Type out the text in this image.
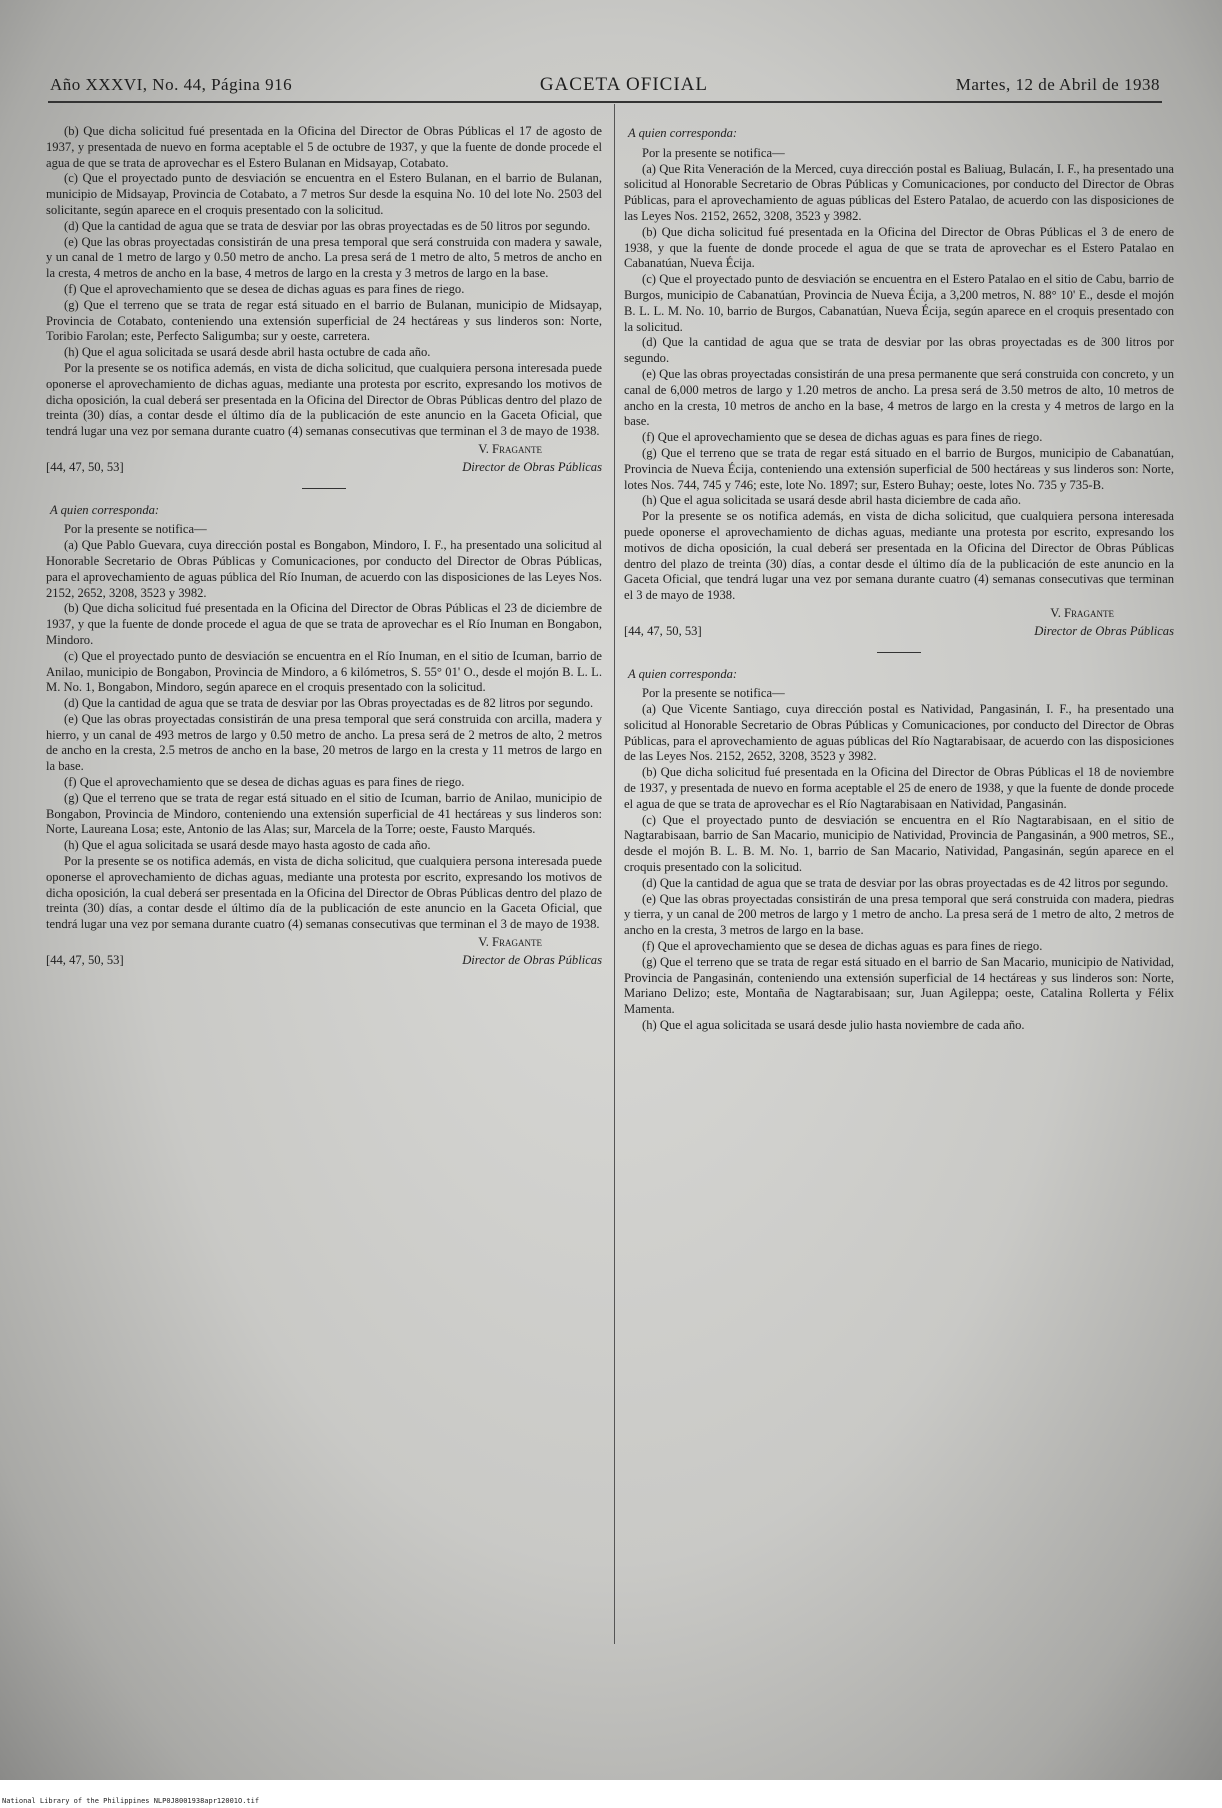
Año XXXVI, No. 44, Página 916	GACETA OFICIAL	Martes, 12 de Abril de 1938

(b) Que dicha solicitud fué presentada en la Oficina del Director de Obras Públicas el 17 de agosto de 1937, y presentada de nuevo en forma aceptable el 5 de octubre de 1937, y que la fuente de donde procede el agua de que se trata de aprovechar es el Estero Bulanan en Midsayap, Cotabato.

(c) Que el proyectado punto de desviación se encuentra en el Estero Bulanan, en el barrio de Bulanan, municipio de Midsayap, Provincia de Cotabato, a 7 metros Sur desde la esquina No. 10 del lote No. 2503 del solicitante, según aparece en el croquis presentado con la solicitud.

(d) Que la cantidad de agua que se trata de desviar por las obras proyectadas es de 50 litros por segundo.

(e) Que las obras proyectadas consistirán de una presa temporal que será construida con madera y sawale, y un canal de 1 metro de largo y 0.50 metro de ancho. La presa será de 1 metro de alto, 5 metros de ancho en la cresta, 4 metros de ancho en la base, 4 metros de largo en la cresta y 3 metros de largo en la base.

(f) Que el aprovechamiento que se desea de dichas aguas es para fines de riego.

(g) Que el terreno que se trata de regar está situado en el barrio de Bulanan, municipio de Midsayap, Provincia de Cotabato, conteniendo una extensión superficial de 24 hectáreas y sus linderos son: Norte, Toribio Farolan; este, Perfecto Saligumba; sur y oeste, carretera.

(h) Que el agua solicitada se usará desde abril hasta octubre de cada año.

Por la presente se os notifica además, en vista de dicha solicitud, que cualquiera persona interesada puede oponerse el aprovechamiento de dichas aguas, mediante una protesta por escrito, expresando los motivos de dicha oposición, la cual deberá ser presentada en la Oficina del Director de Obras Públicas dentro del plazo de treinta (30) días, a contar desde el último día de la publicación de este anuncio en la Gaceta Oficial, que tendrá lugar una vez por semana durante cuatro (4) semanas consecutivas que terminan el 3 de mayo de 1938.

V. Fragante
[44, 47, 50, 53]	Director de Obras Públicas
A quien corresponda:

Por la presente se notifica—

(a) Que Pablo Guevara, cuya dirección postal es Bongabon, Mindoro, I. F., ha presentado una solicitud al Honorable Secretario de Obras Públicas y Comunicaciones, por conducto del Director de Obras Públicas, para el aprovechamiento de aguas pública del Río Inuman, de acuerdo con las disposiciones de las Leyes Nos. 2152, 2652, 3208, 3523 y 3982.

(b) Que dicha solicitud fué presentada en la Oficina del Director de Obras Públicas el 23 de diciembre de 1937, y que la fuente de donde procede el agua de que se trata de aprovechar es el Río Inuman en Bongabon, Mindoro.

(c) Que el proyectado punto de desviación se encuentra en el Río Inuman, en el sitio de Icuman, barrio de Anilao, municipio de Bongabon, Provincia de Mindoro, a 6 kilómetros, S. 55° 01' O., desde el mojón B. L. L. M. No. 1, Bongabon, Mindoro, según aparece en el croquis presentado con la solicitud.

(d) Que la cantidad de agua que se trata de desviar por las Obras proyectadas es de 82 litros por segundo.

(e) Que las obras proyectadas consistirán de una presa temporal que será construida con arcilla, madera y hierro, y un canal de 493 metros de largo y 0.50 metro de ancho. La presa será de 2 metros de alto, 2 metros de ancho en la cresta, 2.5 metros de ancho en la base, 20 metros de largo en la cresta y 11 metros de largo en la base.

(f) Que el aprovechamiento que se desea de dichas aguas es para fines de riego.

(g) Que el terreno que se trata de regar está situado en el sitio de Icuman, barrio de Anilao, municipio de Bongabon, Provincia de Mindoro, conteniendo una extensión superficial de 41 hectáreas y sus linderos son: Norte, Laureana Losa; este, Antonio de las Alas; sur, Marcela de la Torre; oeste, Fausto Marqués.

(h) Que el agua solicitada se usará desde mayo hasta agosto de cada año.

Por la presente se os notifica además, en vista de dicha solicitud, que cualquiera persona interesada puede oponerse el aprovechamiento de dichas aguas, mediante una protesta por escrito, expresando los motivos de dicha oposición, la cual deberá ser presentada en la Oficina del Director de Obras Públicas dentro del plazo de treinta (30) días, a contar desde el último día de la publicación de este anuncio en la Gaceta Oficial, que tendrá lugar una vez por semana durante cuatro (4) semanas consecutivas que terminan el 3 de mayo de 1938.

V. Fragante
[44, 47, 50, 53]	Director de Obras Públicas
A quien corresponda:

Por la presente se notifica—

(a) Que Rita Veneración de la Merced, cuya dirección postal es Baliuag, Bulacán, I. F., ha presentado una solicitud al Honorable Secretario de Obras Públicas y Comunicaciones, por conducto del Director de Obras Públicas, para el aprovechamiento de aguas públicas del Estero Patalao, de acuerdo con las disposiciones de las Leyes Nos. 2152, 2652, 3208, 3523 y 3982.

(b) Que dicha solicitud fué presentada en la Oficina del Director de Obras Públicas el 3 de enero de 1938, y que la fuente de donde procede el agua de que se trata de aprovechar es el Estero Patalao en Cabanatúan, Nueva Écija.

(c) Que el proyectado punto de desviación se encuentra en el Estero Patalao en el sitio de Cabu, barrio de Burgos, municipio de Cabanatúan, Provincia de Nueva Écija, a 3,200 metros, N. 88° 10' E., desde el mojón B. L. L. M. No. 10, barrio de Burgos, Cabanatúan, Nueva Écija, según aparece en el croquis presentado con la solicitud.

(d) Que la cantidad de agua que se trata de desviar por las obras proyectadas es de 300 litros por segundo.

(e) Que las obras proyectadas consistirán de una presa permanente que será construida con concreto, y un canal de 6,000 metros de largo y 1.20 metros de ancho. La presa será de 3.50 metros de alto, 10 metros de ancho en la cresta, 10 metros de ancho en la base, 4 metros de largo en la cresta y 4 metros de largo en la base.

(f) Que el aprovechamiento que se desea de dichas aguas es para fines de riego.

(g) Que el terreno que se trata de regar está situado en el barrio de Burgos, municipio de Cabanatúan, Provincia de Nueva Écija, conteniendo una extensión superficial de 500 hectáreas y sus linderos son: Norte, lotes Nos. 744, 745 y 746; este, lote No. 1897; sur, Estero Buhay; oeste, lotes No. 735 y 735-B.

(h) Que el agua solicitada se usará desde abril hasta diciembre de cada año.

Por la presente se os notifica además, en vista de dicha solicitud, que cualquiera persona interesada puede oponerse el aprovechamiento de dichas aguas, mediante una protesta por escrito, expresando los motivos de dicha oposición, la cual deberá ser presentada en la Oficina del Director de Obras Públicas dentro del plazo de treinta (30) días, a contar desde el último día de la publicación de este anuncio en la Gaceta Oficial, que tendrá lugar una vez por semana durante cuatro (4) semanas consecutivas que terminan el 3 de mayo de 1938.

V. Fragante
[44, 47, 50, 53]	Director de Obras Públicas
A quien corresponda:

Por la presente se notifica—

(a) Que Vicente Santiago, cuya dirección postal es Natividad, Pangasinán, I. F., ha presentado una solicitud al Honorable Secretario de Obras Públicas y Comunicaciones, por conducto del Director de Obras Públicas, para el aprovechamiento de aguas públicas del Río Nagtarabisaar, de acuerdo con las disposiciones de las Leyes Nos. 2152, 2652, 3208, 3523 y 3982.

(b) Que dicha solicitud fué presentada en la Oficina del Director de Obras Públicas el 18 de noviembre de 1937, y presentada de nuevo en forma aceptable el 25 de enero de 1938, y que la fuente de donde procede el agua de que se trata de aprovechar es el Río Nagtarabisaan en Natividad, Pangasinán.

(c) Que el proyectado punto de desviación se encuentra en el Río Nagtarabisaan, en el sitio de Nagtarabisaan, barrio de San Macario, municipio de Natividad, Provincia de Pangasinán, a 900 metros, SE., desde el mojón B. L. B. M. No. 1, barrio de San Macario, Natividad, Pangasinán, según aparece en el croquis presentado con la solicitud.

(d) Que la cantidad de agua que se trata de desviar por las obras proyectadas es de 42 litros por segundo.

(e) Que las obras proyectadas consistirán de una presa temporal que será construida con madera, piedras y tierra, y un canal de 200 metros de largo y 1 metro de ancho. La presa será de 1 metro de alto, 2 metros de ancho en la cresta, 3 metros de largo en la base.

(f) Que el aprovechamiento que se desea de dichas aguas es para fines de riego.

(g) Que el terreno que se trata de regar está situado en el barrio de San Macario, municipio de Natividad, Provincia de Pangasinán, conteniendo una extensión superficial de 14 hectáreas y sus linderos son: Norte, Mariano Delizo; este, Montaña de Nagtarabisaan; sur, Juan Agileppa; oeste, Catalina Rollerta y Félix Mamenta.

(h) Que el agua solicitada se usará desde julio hasta noviembre de cada año.

National Library of the Philippines NLP0J8001938apr12001O.tif
